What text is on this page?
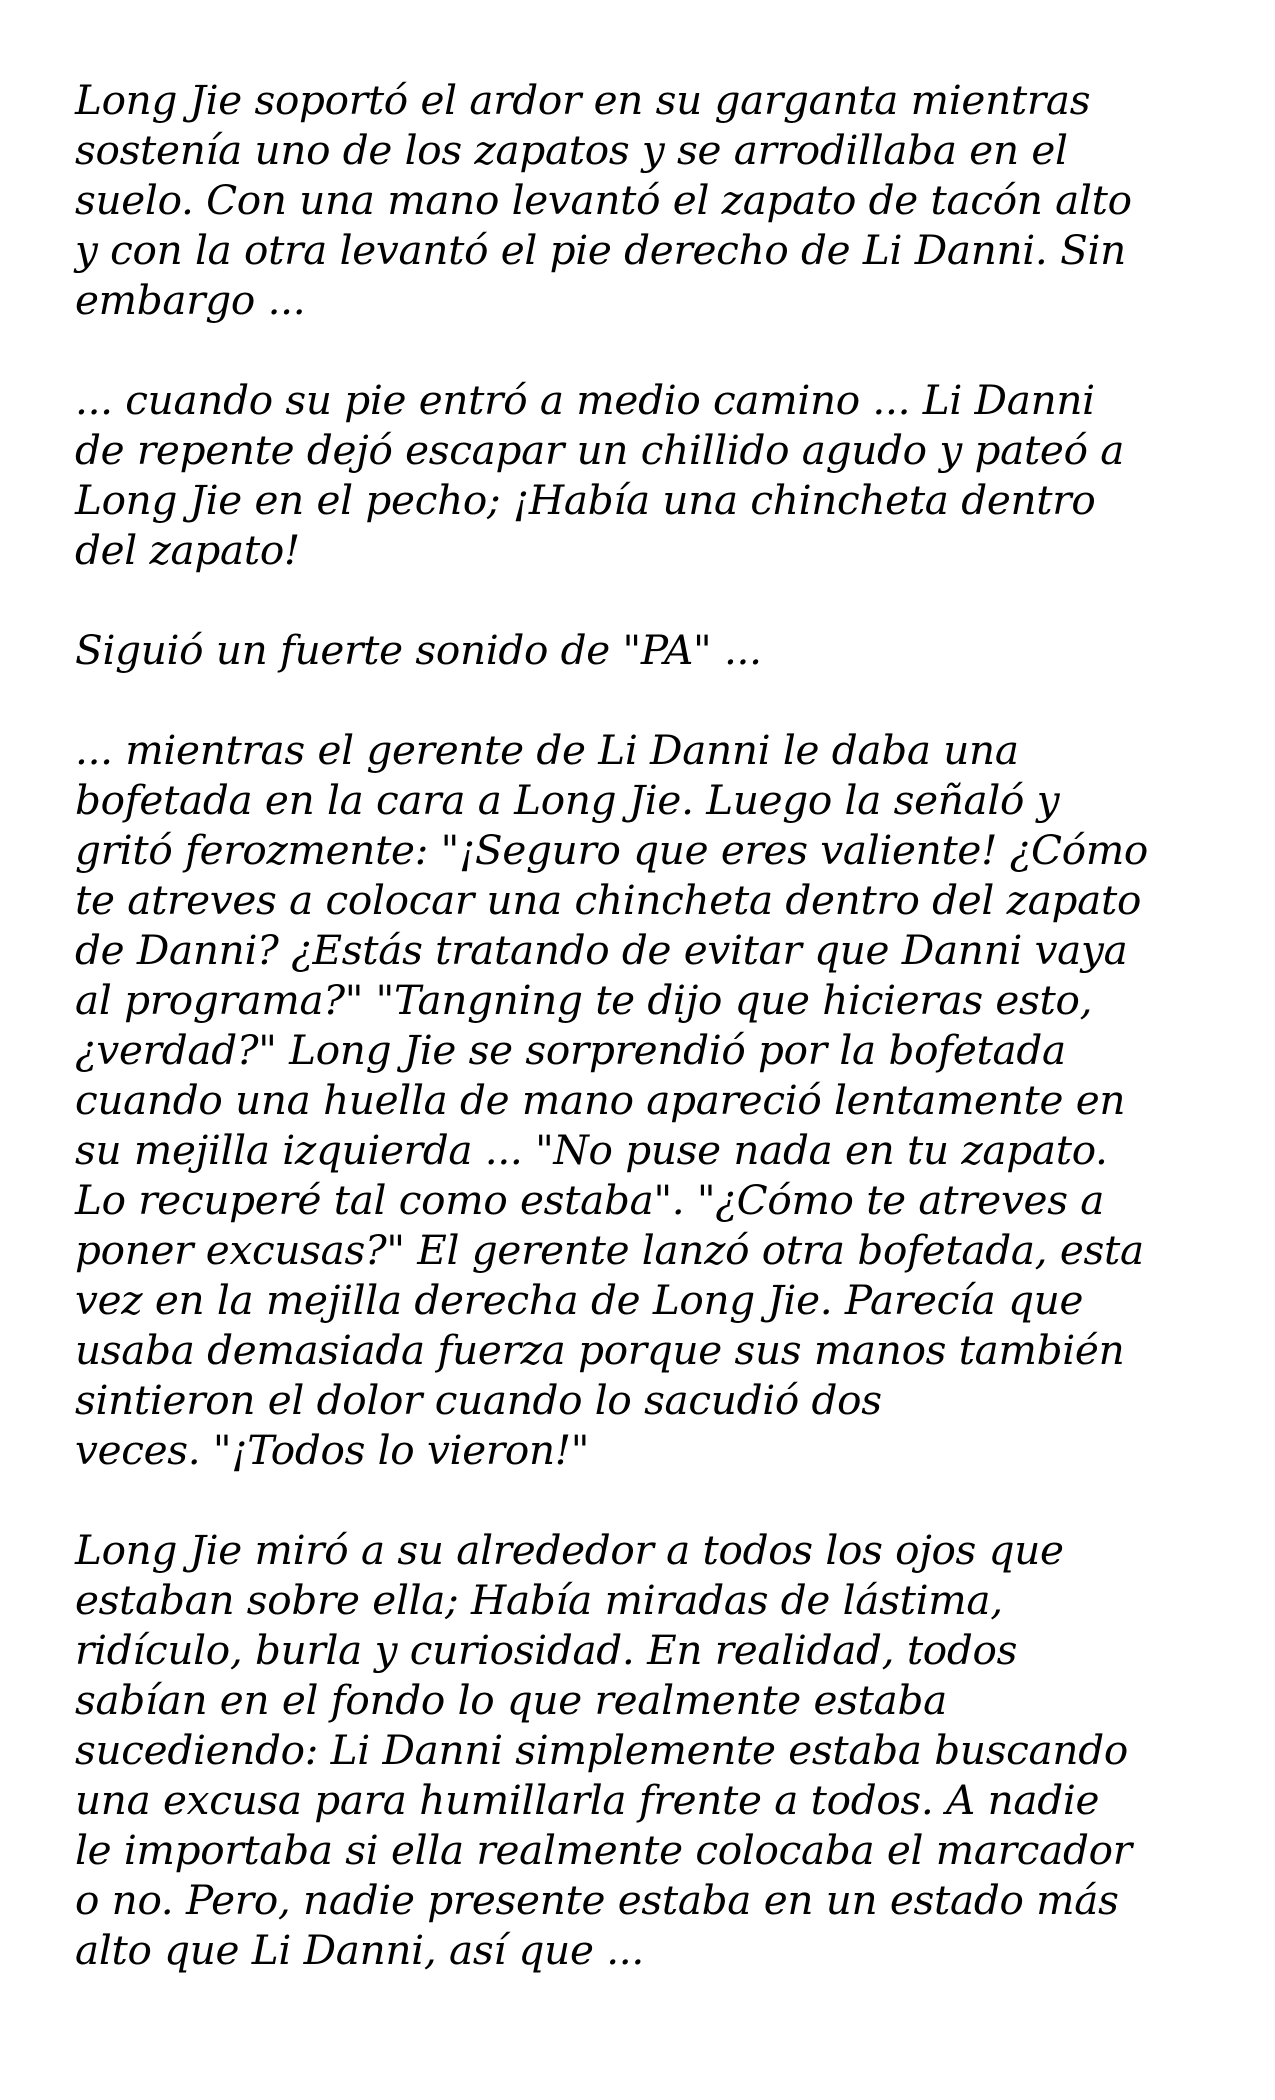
Long Jie soportó el ardor en su garganta mientras
sostenía uno de los zapatos y se arrodillaba en el
suelo. Con una mano levantó el zapato de tacón alto
y con la otra levantó el pie derecho de Li Danni. Sin
embargo ...

... cuando su pie entró a medio camino ... Li Danni
de repente dejó escapar un chillido agudo y pateó a
Long Jie en el pecho; ¡Había una chincheta dentro
del zapato!

Siguió un fuerte sonido de "PA" ...

... mientras el gerente de Li Danni le daba una
bofetada en la cara a Long Jie. Luego la señaló y
gritó ferozmente: "¡Seguro que eres valiente! ¿Cómo
te atreves a colocar una chincheta dentro del zapato
de Danni? ¿Estás tratando de evitar que Danni vaya
al programa?" "Tangning te dijo que hicieras esto,
¿verdad?" Long Jie se sorprendió por la bofetada
cuando una huella de mano apareció lentamente en
su mejilla izquierda ... "No puse nada en tu zapato.
Lo recuperé tal como estaba". "¿Cómo te atreves a
poner excusas?" El gerente lanzó otra bofetada, esta
vez en la mejilla derecha de Long Jie. Parecía que
usaba demasiada fuerza porque sus manos también
sintieron el dolor cuando lo sacudió dos
veces. "¡Todos lo vieron!"

Long Jie miró a su alrededor a todos los ojos que
estaban sobre ella; Había miradas de lástima,
ridículo, burla y curiosidad. En realidad, todos
sabían en el fondo lo que realmente estaba
sucediendo: Li Danni simplemente estaba buscando
una excusa para humillarla frente a todos. A nadie
le importaba si ella realmente colocaba el marcador
o no. Pero, nadie presente estaba en un estado más
alto que Li Danni, así que ...
